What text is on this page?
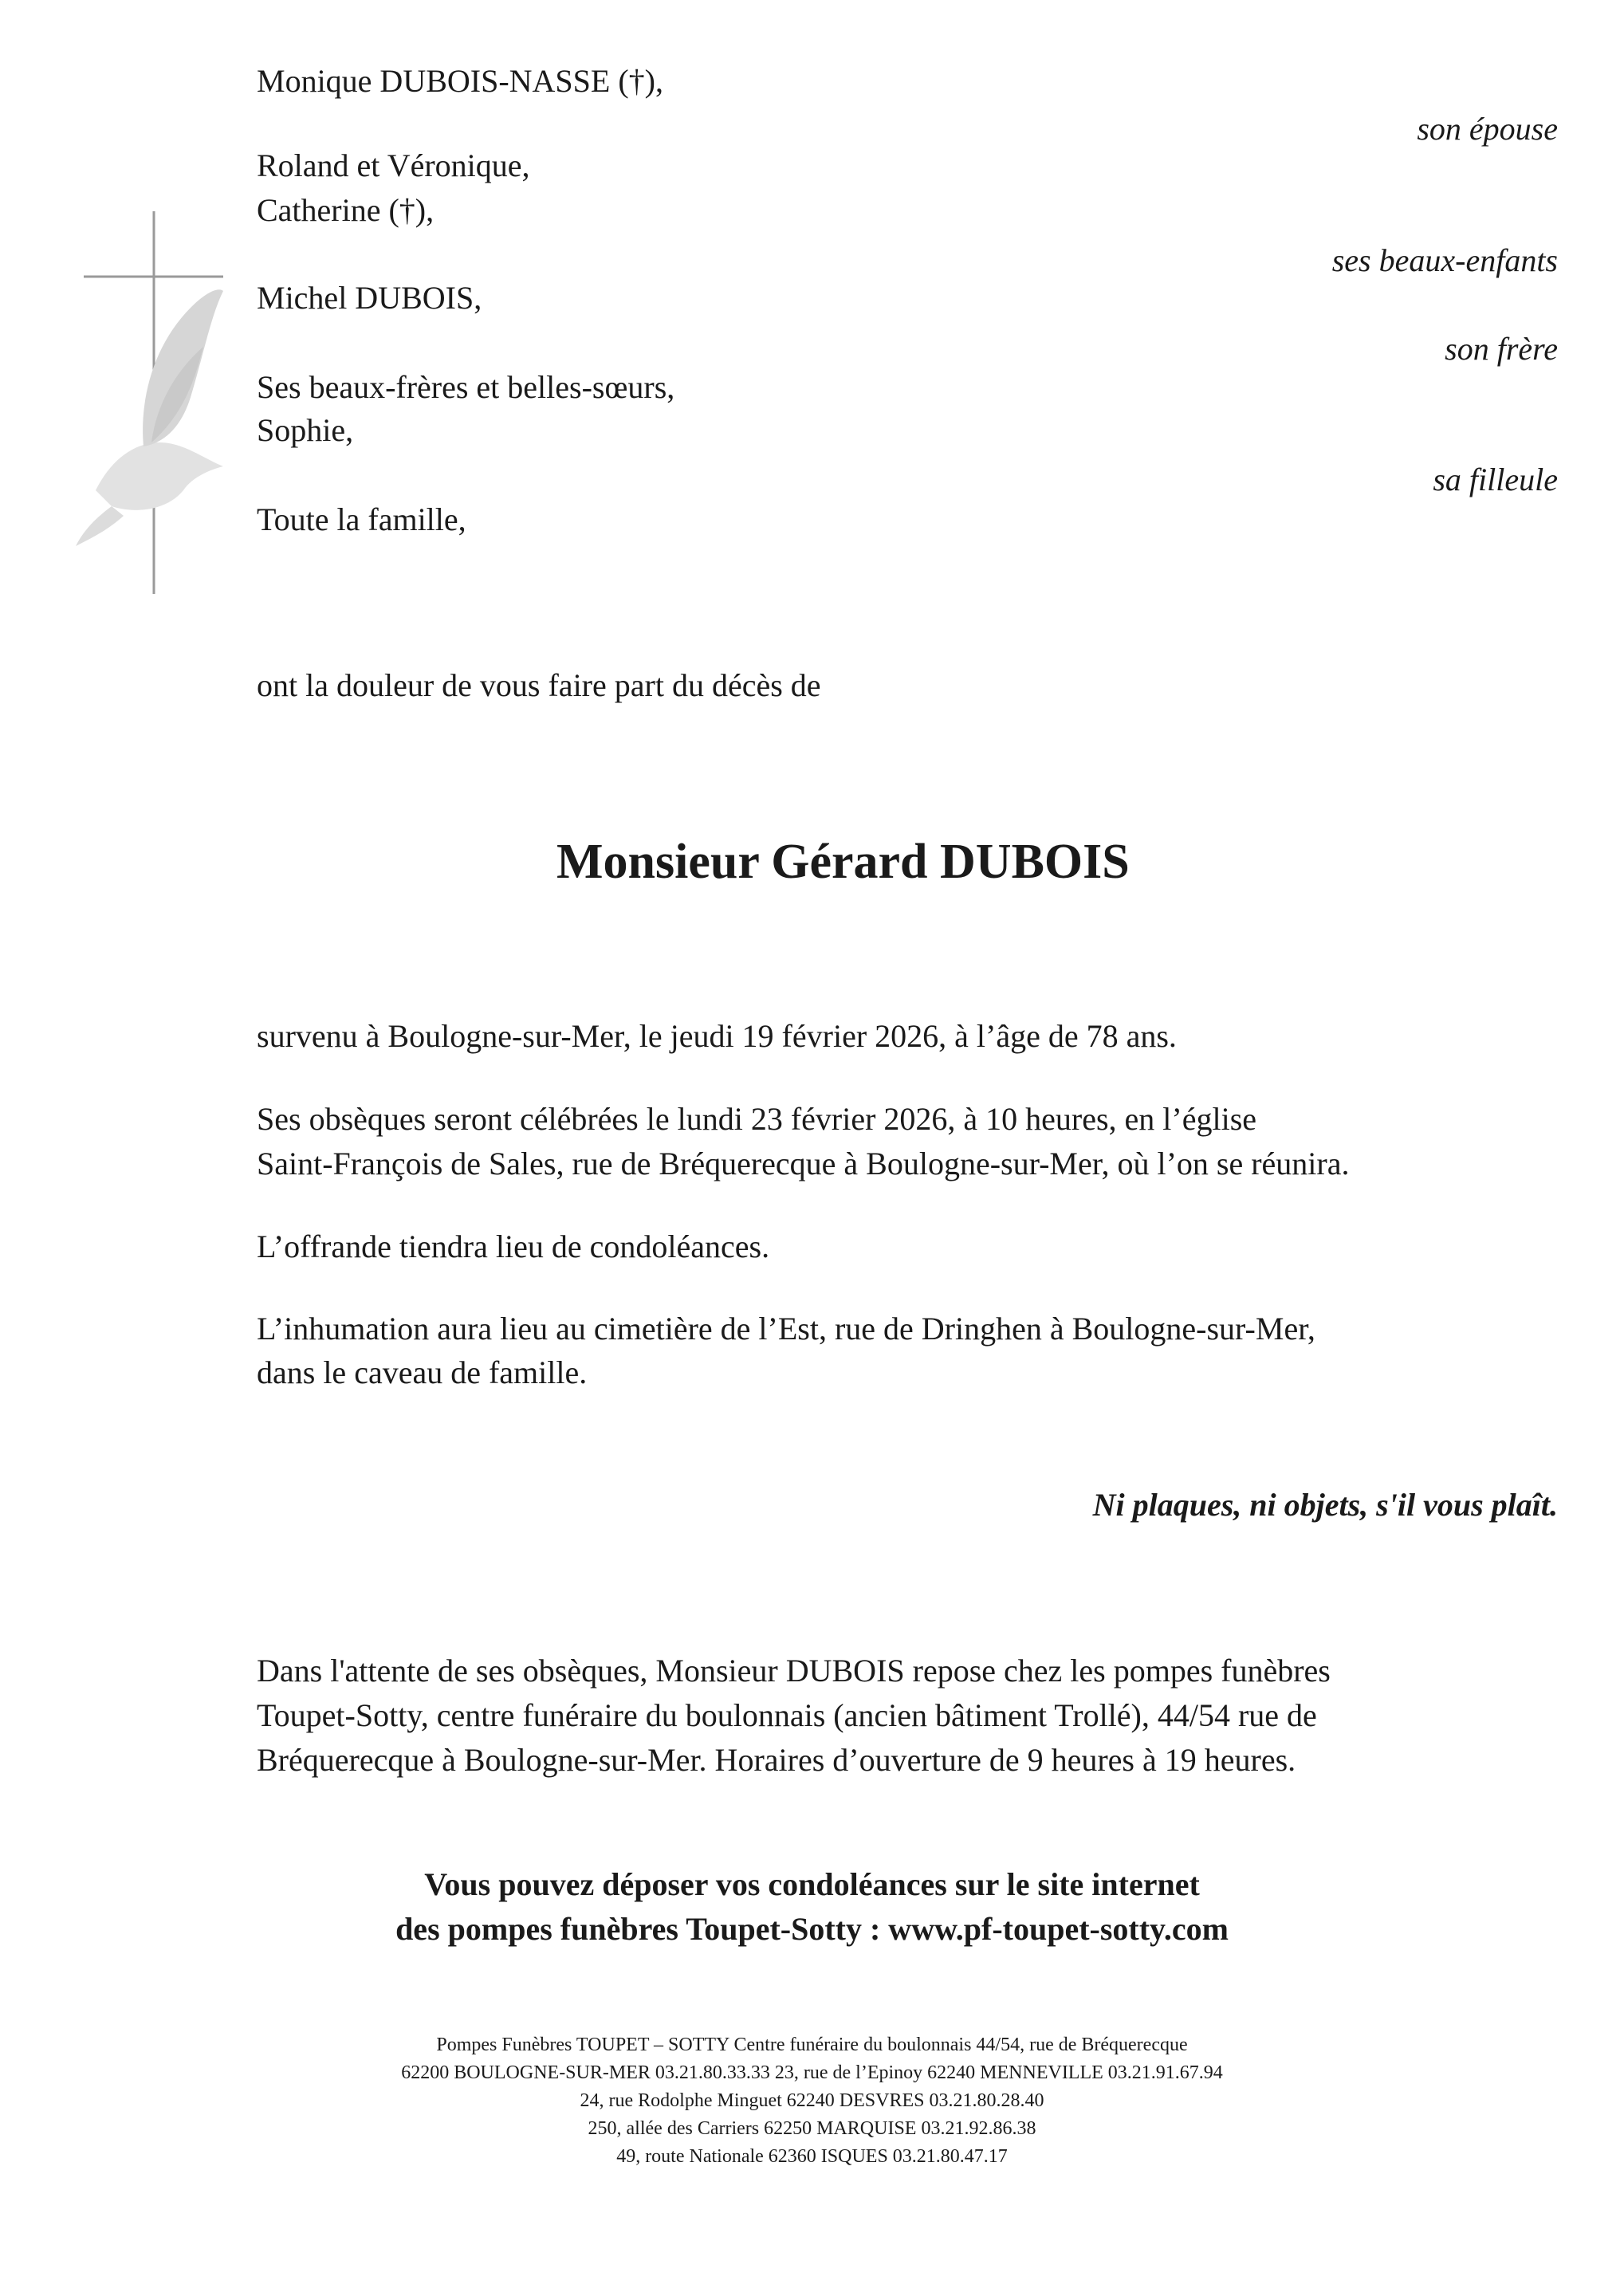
Monique DUBOIS-NASSE (†),
Roland et Véronique,
Catherine (†),
Michel DUBOIS,
Ses beaux-frères et belles-sœurs,
Sophie,
Toute la famille,
son épouse
ses beaux-enfants
son frère
sa filleule
ont la douleur de vous faire part du décès de
Monsieur Gérard DUBOIS
survenu à Boulogne-sur-Mer, le jeudi 19 février 2026, à l’âge de 78 ans.
Ses obsèques seront célébrées le lundi 23 février 2026, à 10 heures, en l’église
Saint-François de Sales, rue de Bréquerecque à Boulogne-sur-Mer, où l’on se réunira.
L’offrande tiendra lieu de condoléances.
L’inhumation aura lieu au cimetière de l’Est, rue de Dringhen à Boulogne-sur-Mer,
dans le caveau de famille.
Ni plaques, ni objets, s'il vous plaît.
Dans l'attente de ses obsèques, Monsieur DUBOIS repose chez les pompes funèbres
Toupet-Sotty, centre funéraire du boulonnais (ancien bâtiment Trollé), 44/54 rue de
Bréquerecque à Boulogne-sur-Mer. Horaires d’ouverture de 9 heures à 19 heures.
Vous pouvez déposer vos condoléances sur le site internet
des pompes funèbres Toupet-Sotty : www.pf-toupet-sotty.com
Pompes Funèbres TOUPET – SOTTY Centre funéraire du boulonnais 44/54, rue de Bréquerecque
62200 BOULOGNE-SUR-MER 03.21.80.33.33 23, rue de l’Epinoy 62240 MENNEVILLE 03.21.91.67.94
24, rue Rodolphe Minguet 62240 DESVRES 03.21.80.28.40
250, allée des Carriers 62250 MARQUISE 03.21.92.86.38
49, route Nationale 62360 ISQUES 03.21.80.47.17
